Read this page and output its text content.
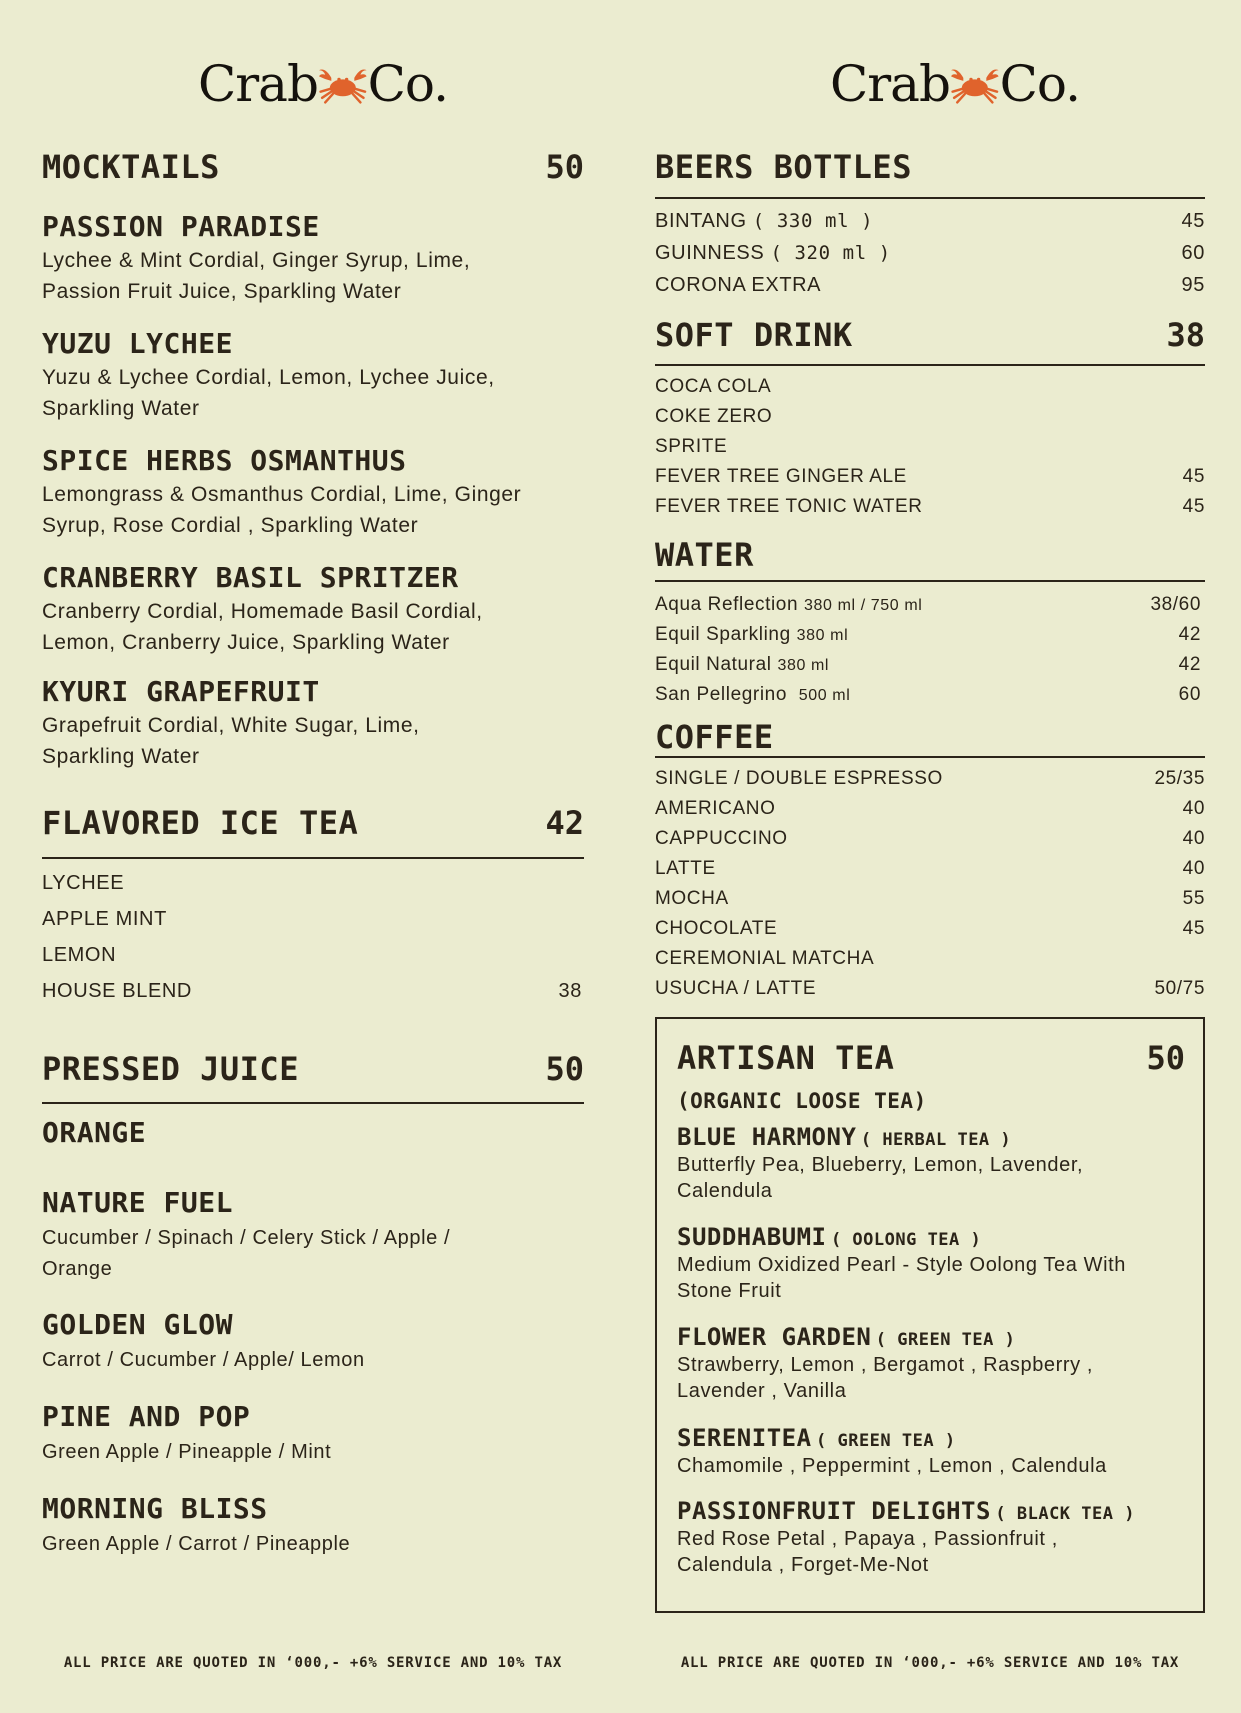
Crab Co.	Crab Co.
MOCKTAILS	50
PASSION PARADISE
Lychee & Mint Cordial, Ginger Syrup, Lime,
Passion Fruit Juice, Sparkling Water
YUZU LYCHEE
Yuzu & Lychee Cordial, Lemon, Lychee Juice,
Sparkling Water
SPICE HERBS OSMANTHUS
Lemongrass & Osmanthus Cordial, Lime, Ginger
Syrup, Rose Cordial , Sparkling Water
CRANBERRY BASIL SPRITZER
Cranberry Cordial, Homemade Basil Cordial,
Lemon, Cranberry Juice, Sparkling Water
KYURI GRAPEFRUIT
Grapefruit Cordial, White Sugar, Lime,
Sparkling Water
FLAVORED ICE TEA	42
LYCHEE
APPLE MINT
LEMON
HOUSE BLEND	38
PRESSED JUICE	50
ORANGE
NATURE FUEL
Cucumber / Spinach / Celery Stick / Apple /
Orange
GOLDEN GLOW
Carrot / Cucumber / Apple/ Lemon
PINE AND POP
Green Apple / Pineapple / Mint
MORNING BLISS
Green Apple / Carrot / Pineapple
BEERS BOTTLES
BINTANG ( 330 ml )	45
GUINNESS ( 320 ml )	60
CORONA EXTRA	95
SOFT DRINK	38
COCA COLA
COKE ZERO
SPRITE
FEVER TREE GINGER ALE	45
FEVER TREE TONIC WATER	45
WATER
Aqua Reflection 380 ml / 750 ml	38/60
Equil Sparkling 380 ml	42
Equil Natural 380 ml	42
San Pellegrino 500 ml	60
COFFEE
SINGLE / DOUBLE ESPRESSO	25/35
AMERICANO	40
CAPPUCCINO	40
LATTE	40
MOCHA	55
CHOCOLATE	45
CEREMONIAL MATCHA
USUCHA / LATTE	50/75
ARTISAN TEA	50
(ORGANIC LOOSE TEA)
BLUE HARMONY ( HERBAL TEA )
Butterfly Pea, Blueberry, Lemon, Lavender,
Calendula
SUDDHABUMI ( OOLONG TEA )
Medium Oxidized Pearl - Style Oolong Tea With
Stone Fruit
FLOWER GARDEN ( GREEN TEA )
Strawberry, Lemon , Bergamot , Raspberry ,
Lavender , Vanilla
SERENITEA ( GREEN TEA )
Chamomile , Peppermint , Lemon , Calendula
PASSIONFRUIT DELIGHTS ( BLACK TEA )
Red Rose Petal , Papaya , Passionfruit ,
Calendula , Forget-Me-Not
ALL PRICE ARE QUOTED IN ‘000,- +6% SERVICE AND 10% TAX	ALL PRICE ARE QUOTED IN ‘000,- +6% SERVICE AND 10% TAX
